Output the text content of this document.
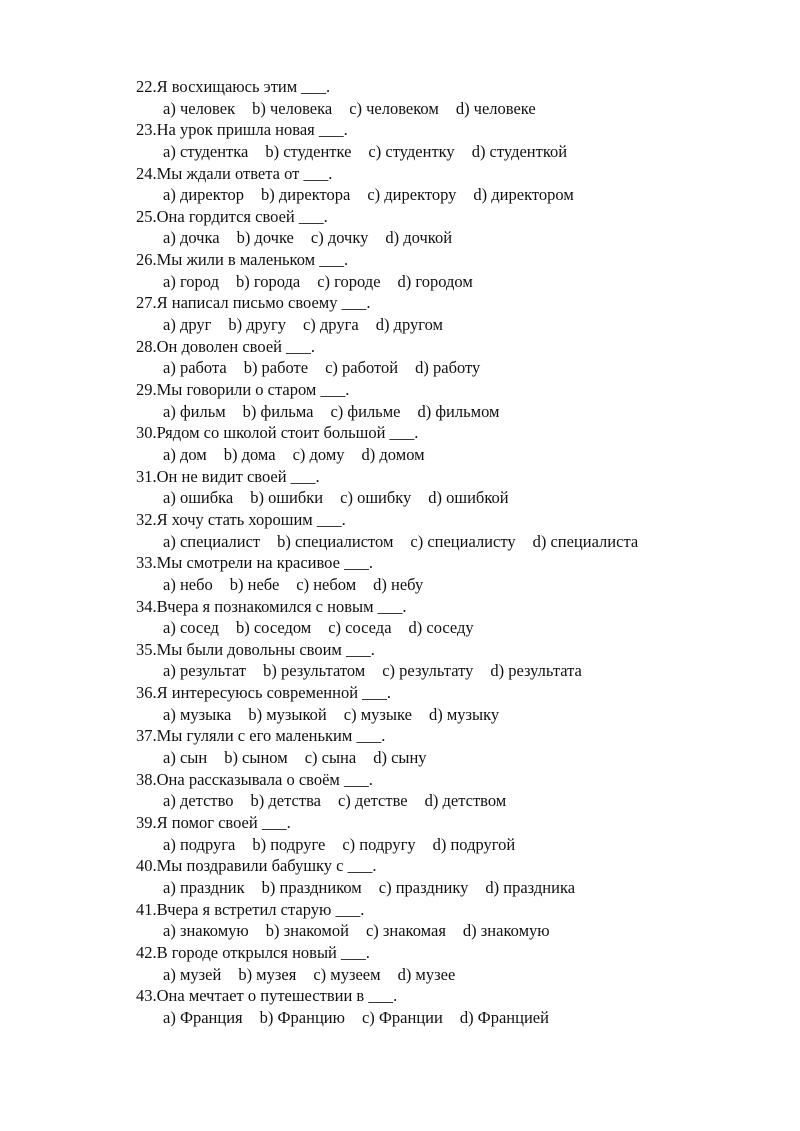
22.Я восхищаюсь этим ___.
a) человек b) человека c) человеком d) человеке
23.На урок пришла новая ___.
a) студентка b) студентке c) студентку d) студенткой
24.Мы ждали ответа от ___.
a) директор b) директора c) директору d) директором
25.Она гордится своей ___.
a) дочка b) дочке c) дочку d) дочкой
26.Мы жили в маленьком ___.
a) город b) города c) городе d) городом
27.Я написал письмо своему ___.
a) друг b) другу c) друга d) другом
28.Он доволен своей ___.
a) работа b) работе c) работой d) работу
29.Мы говорили о старом ___.
a) фильм b) фильма c) фильме d) фильмом
30.Рядом со школой стоит большой ___.
a) дом b) дома c) дому d) домом
31.Он не видит своей ___.
a) ошибка b) ошибки c) ошибку d) ошибкой
32.Я хочу стать хорошим ___.
a) специалист b) специалистом c) специалисту d) специалиста
33.Мы смотрели на красивое ___.
a) небо b) небе c) небом d) небу
34.Вчера я познакомился с новым ___.
a) сосед b) соседом c) соседа d) соседу
35.Мы были довольны своим ___.
a) результат b) результатом c) результату d) результата
36.Я интересуюсь современной ___.
a) музыка b) музыкой c) музыке d) музыку
37.Мы гуляли с его маленьким ___.
a) сын b) сыном c) сына d) сыну
38.Она рассказывала о своём ___.
a) детство b) детства c) детстве d) детством
39.Я помог своей ___.
a) подруга b) подруге c) подругу d) подругой
40.Мы поздравили бабушку с ___.
a) праздник b) праздником c) празднику d) праздника
41.Вчера я встретил старую ___.
a) знакомую b) знакомой c) знакомая d) знакомую
42.В городе открылся новый ___.
a) музей b) музея c) музеем d) музее
43.Она мечтает о путешествии в ___.
a) Франция b) Францию c) Франции d) Францией
